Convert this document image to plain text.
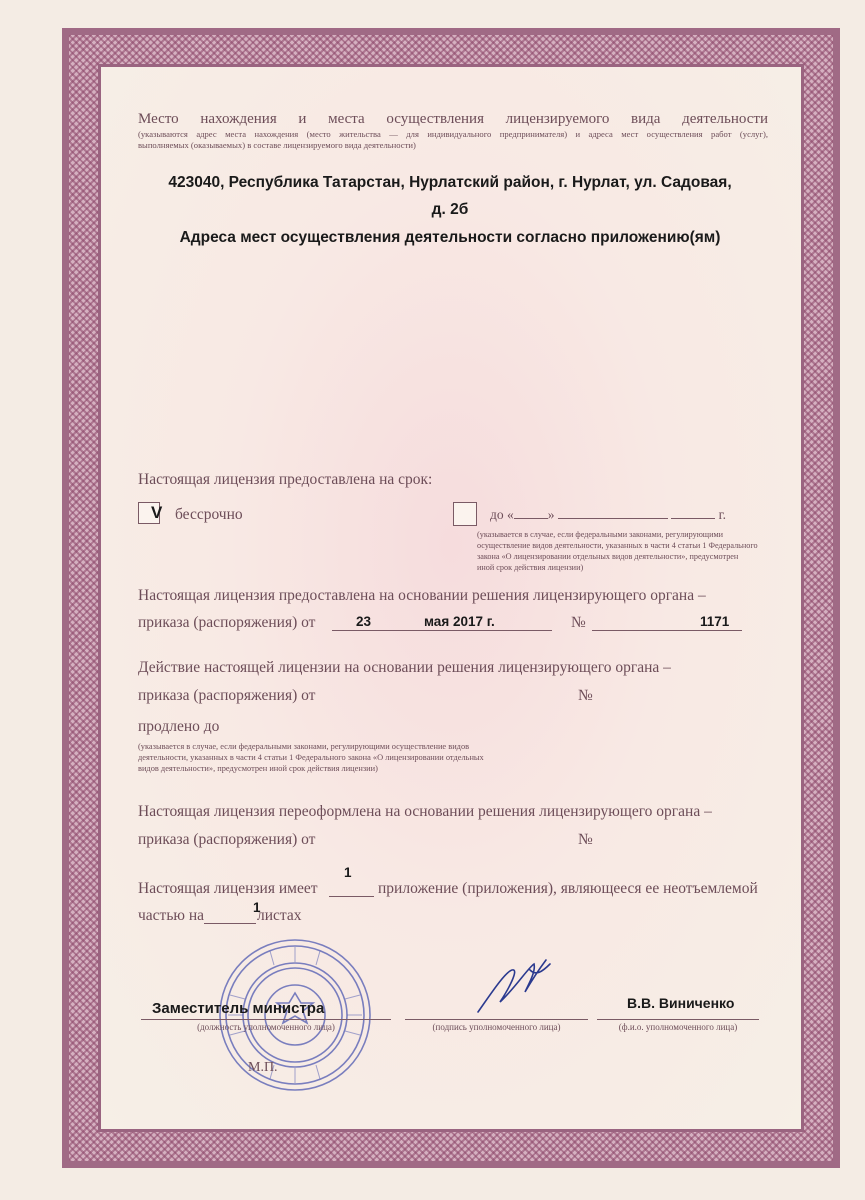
Место нахождения и места осуществления лицензируемого вида деятельности
(указываются адрес места нахождения (место жительства — для индивидуального предпринимателя) и адреса мест осуществления работ (услуг),
выполняемых (оказываемых) в составе лицензируемого вида деятельности)
423040, Республика Татарстан, Нурлатский район, г. Нурлат, ул. Садовая,
д. 2б
Адреса мест осуществления деятельности согласно приложению(ям)
Настоящая лицензия предоставлена на срок:
V бессрочно	до «	»	г.
(указывается в случае, если федеральными законами, регулирующими
осуществление видов деятельности, указанных в части 4 статьи 1 Федерального
закона «О лицензировании отдельных видов деятельности», предусмотрен
иной срок действия лицензии)
Настоящая лицензия предоставлена на основании решения лицензирующего органа –
приказа (распоряжения) от	23	мая 2017 г.	№	1171
Действие настоящей лицензии на основании решения лицензирующего органа –
приказа (распоряжения) от	№
продлено до
(указывается в случае, если федеральными законами, регулирующими осуществление видов
деятельности, указанных в части 4 статьи 1 Федерального закона «О лицензировании отдельных
видов деятельности», предусмотрен иной срок действия лицензии)
Настоящая лицензия переоформлена на основании решения лицензирующего органа –
приказа (распоряжения) от	№
Настоящая лицензия имеет
1
приложение (приложения), являющееся ее неотъемлемой
частью на	1
листах
Заместитель министра
(должность уполномоченного лица)	(подпись уполномоченного лица)
В.В. Виниченко
(ф.и.о. уполномоченного лица)
М.П.
